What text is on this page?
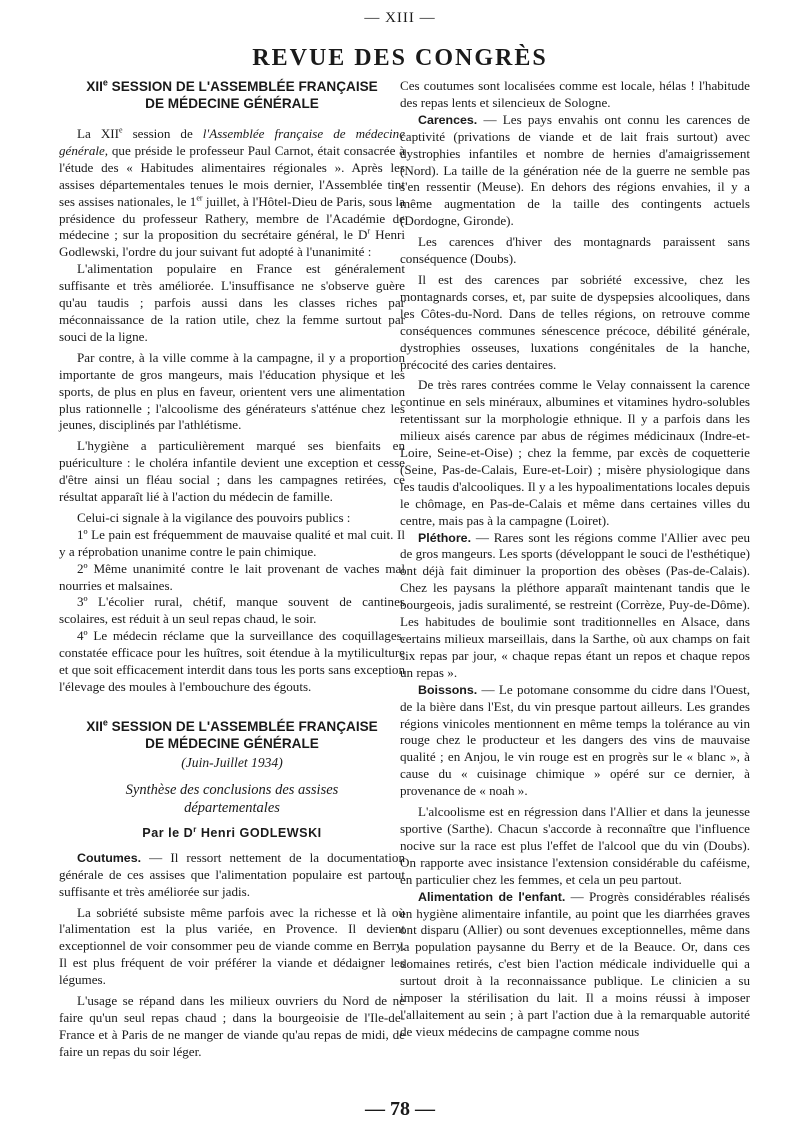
— XIII —
REVUE DES CONGRÈS
XIIe SESSION DE L'ASSEMBLÉE FRANÇAISE
DE MÉDECINE GÉNÉRALE

La XIIe session de l'Assemblée française de médecine générale, que préside le professeur Paul Carnot, était consacrée à l'étude des « Habitudes alimentaires régionales ». Après les assises départementales tenues le mois dernier, l'Assemblée tint ses assises nationales, le 1er juillet, à l'Hôtel-Dieu de Paris, sous la présidence du professeur Rathery, membre de l'Académie de médecine ; sur la proposition du secrétaire général, le $D^r$ Henri Godlewski, l'ordre du jour suivant fut adopté à l'unanimité :

L'alimentation populaire en France est généralement suffisante et très améliorée. L'insuffisance ne s'observe guère qu'au taudis ; parfois aussi dans les classes riches par méconnaissance de la ration utile, chez la femme surtout par souci de la ligne.

Par contre, à la ville comme à la campagne, il y a proportion importante de gros mangeurs, mais l'éducation physique et les sports, de plus en plus en faveur, orientent vers une alimentation plus rationnelle ; l'alcoolisme des générateurs s'atténue chez les jeunes, disciplinés par l'athlétisme.

L'hygiène a particulièrement marqué ses bienfaits en puériculture : le choléra infantile devient une exception et cesse d'être ainsi un fléau social ; dans les campagnes retirées, ce résultat apparaît lié à l'action du médecin de famille.

Celui-ci signale à la vigilance des pouvoirs publics :

1º Le pain est fréquemment de mauvaise qualité et mal cuit. Il y a réprobation unanime contre le pain chimique.

2º Même unanimité contre le lait provenant de vaches mal nourries et malsaines.

3º L'écolier rural, chétif, manque souvent de cantines scolaires, est réduit à un seul repas chaud, le soir.

4º Le médecin réclame que la surveillance des coquillages, constatée efficace pour les huîtres, soit étendue à la mytiliculture et que soit efficacement interdit dans tous les ports sans exception l'élevage des moules à l'embouchure des égouts.

XIIe SESSION DE L'ASSEMBLÉE FRANÇAISE
DE MÉDECINE GÉNÉRALE
(Juin-Juillet 1934)
Synthèse des conclusions des assises
départementales
Par le $D^r$ Henri GODLEWSKI

Coutumes. — Il ressort nettement de la documentation générale de ces assises que l'alimentation populaire est partout suffisante et très améliorée sur jadis.

La sobriété subsiste même parfois avec la richesse et là où l'alimentation est la plus variée, en Provence. Il devient exceptionnel de voir consommer peu de viande comme en Berry. Il est plus fréquent de voir préférer la viande et dédaigner les légumes.

L'usage se répand dans les milieux ouvriers du Nord de ne faire qu'un seul repas chaud ; dans la bourgeoisie de l'Ile-de-France et à Paris de ne manger de viande qu'au repas de midi, de faire un repas du soir léger.

Ces coutumes sont localisées comme est locale, hélas ! l'habitude des repas lents et silencieux de Sologne.

Carences. — Les pays envahis ont connu les carences de captivité (privations de viande et de lait frais surtout) avec dystrophies infantiles et nombre de hernies d'amaigrissement (Nord). La taille de la génération née de la guerre ne semble pas s'en ressentir (Meuse). En dehors des régions envahies, il y a même augmentation de la taille des contingents actuels (Dordogne, Gironde).

Les carences d'hiver des montagnards paraissent sans conséquence (Doubs).

Il est des carences par sobriété excessive, chez les montagnards corses, et, par suite de dyspepsies alcooliques, dans les Côtes-du-Nord. Dans de telles régions, on retrouve comme conséquences communes sénescence précoce, débilité générale, dystrophies osseuses, luxations congénitales de la hanche, précocité des caries dentaires.

De très rares contrées comme le Velay connaissent la carence continue en sels minéraux, albumines et vitamines hydro-solubles retentissant sur la morphologie ethnique. Il y a parfois dans les milieux aisés carence par abus de régimes médicinaux (Indre-et-Loire, Seine-et-Oise) ; chez la femme, par excès de coquetterie (Seine, Pas-de-Calais, Eure-et-Loir) ; misère physiologique dans les taudis d'alcooliques. Il y a les hypoalimentations locales depuis le chômage, en Pas-de-Calais et même dans certaines villes du centre, mais pas à la campagne (Loiret).

Pléthore. — Rares sont les régions comme l'Allier avec peu de gros mangeurs. Les sports (développant le souci de l'esthétique) ont déjà fait diminuer la proportion des obèses (Pas-de-Calais). Chez les paysans la pléthore apparaît maintenant tandis que le bourgeois, jadis suralimenté, se restreint (Corrèze, Puy-de-Dôme). Les habitudes de boulimie sont traditionnelles en Alsace, dans certains milieux marseillais, dans la Sarthe, où aux champs on fait six repas par jour, « chaque repas étant un repos et chaque repos un repas ».

Boissons. — Le potomane consomme du cidre dans l'Ouest, de la bière dans l'Est, du vin presque partout ailleurs. Les grandes régions vinicoles mentionnent en même temps la tolérance au vin rouge chez le producteur et les dangers des vins de mauvaise qualité ; en Anjou, le vin rouge est en progrès sur le « blanc », à cause du « cuisinage chimique » opéré sur ce dernier, à provenance de « noah ».

L'alcoolisme est en régression dans l'Allier et dans la jeunesse sportive (Sarthe). Chacun s'accorde à reconnaître que l'influence nocive sur la race est plus l'effet de l'alcool que du vin (Doubs). On rapporte avec insistance l'extension considérable du caféisme, en particulier chez les femmes, et cela un peu partout.

Alimentation de l'enfant. — Progrès considérables réalisés en hygiène alimentaire infantile, au point que les diarrhées graves ont disparu (Allier) ou sont devenues exceptionnelles, même dans la population paysanne du Berry et de la Beauce. Or, dans ces domaines retirés, c'est bien l'action médicale individuelle qui a surtout droit à la reconnaissance publique. Le clinicien a su imposer la stérilisation du lait. Il a moins réussi à imposer l'allaitement au sein ; à part l'action due à la remarquable autorité de vieux médecins de campagne comme nous

— 78 —
